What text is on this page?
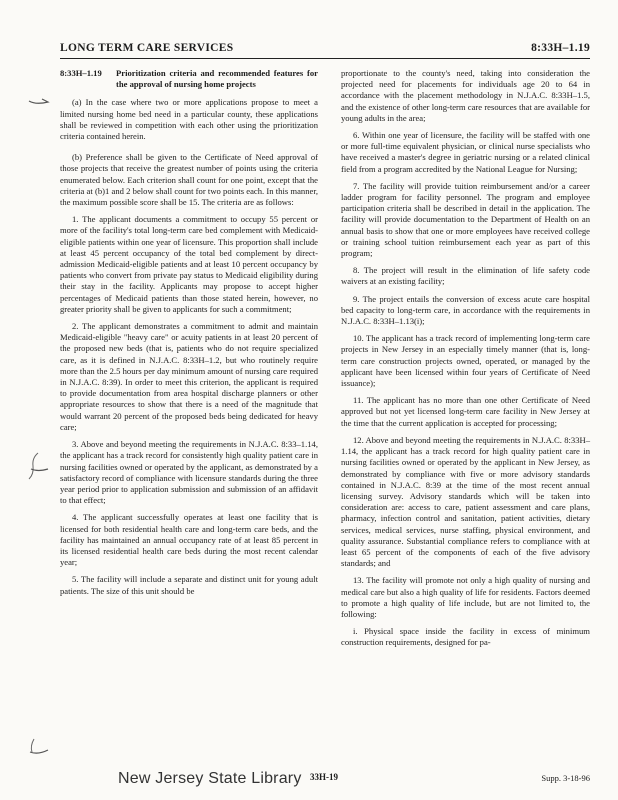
LONG TERM CARE SERVICES	8:33H–1.19
8:33H–1.19	Prioritization criteria and recommended features for the approval of nursing home projects

(a) In the case where two or more applications propose to meet a limited nursing home bed need in a particular county, these applications shall be reviewed in competition with each other using the prioritization criteria contained herein.

(b) Preference shall be given to the Certificate of Need approval of those projects that receive the greatest number of points using the criteria enumerated below. Each criterion shall count for one point, except that the criteria at (b)1 and 2 below shall count for two points each. In this manner, the maximum possible score shall be 15. The criteria are as follows:

1. The applicant documents a commitment to occupy 55 percent or more of the facility's total long-term care bed complement with Medicaid-eligible patients within one year of licensure. This proportion shall include at least 45 percent occupancy of the total bed complement by direct-admission Medicaid-eligible patients and at least 10 percent occupancy by patients who convert from private pay status to Medicaid eligibility during their stay in the facility. Applicants may propose to accept higher percentages of Medicaid patients than those stated herein, however, no greater priority shall be given to applicants for such a commitment;

2. The applicant demonstrates a commitment to admit and maintain Medicaid-eligible "heavy care" or acuity patients in at least 20 percent of the proposed new beds (that is, patients who do not require specialized care, as it is defined in N.J.A.C. 8:33H–1.2, but who routinely require more than the 2.5 hours per day minimum amount of nursing care required in N.J.A.C. 8:39). In order to meet this criterion, the applicant is required to provide documentation from area hospital discharge planners or other appropriate resources to show that there is a need of the magnitude that would warrant 20 percent of the proposed beds being dedicated for heavy care;

3. Above and beyond meeting the requirements in N.J.A.C. 8:33–1.14, the applicant has a track record for consistently high quality patient care in nursing facilities owned or operated by the applicant, as demonstrated by a satisfactory record of compliance with licensure standards during the three year period prior to application submission and submission of an affidavit to that effect;

4. The applicant successfully operates at least one facility that is licensed for both residential health care and long-term care beds, and the facility has maintained an annual occupancy rate of at least 85 percent in its licensed residential health care beds during the most recent calendar year;

5. The facility will include a separate and distinct unit for young adult patients. The size of this unit should be

proportionate to the county's need, taking into consideration the projected need for placements for individuals age 20 to 64 in accordance with the placement methodology in N.J.A.C. 8:33H–1.5, and the existence of other long-term care resources that are available for young adults in the area;

6. Within one year of licensure, the facility will be staffed with one or more full-time equivalent physician, or clinical nurse specialists who have received a master's degree in geriatric nursing or a related clinical field from a program accredited by the National League for Nursing;

7. The facility will provide tuition reimbursement and/or a career ladder program for facility personnel. The program and employee participation criteria shall be described in detail in the application. The facility will provide documentation to the Department of Health on an annual basis to show that one or more employees have received college or training school tuition reimbursement each year as part of this program;

8. The project will result in the elimination of life safety code waivers at an existing facility;

9. The project entails the conversion of excess acute care hospital bed capacity to long-term care, in accordance with the requirements in N.J.A.C. 8:33H–1.13(i);

10. The applicant has a track record of implementing long-term care projects in New Jersey in an especially timely manner (that is, long-term care construction projects owned, operated, or managed by the applicant have been licensed within four years of Certificate of Need issuance);

11. The applicant has no more than one other Certificate of Need approved but not yet licensed long-term care facility in New Jersey at the time that the current application is accepted for processing;

12. Above and beyond meeting the requirements in N.J.A.C. 8:33H–1.14, the applicant has a track record for high quality patient care in nursing facilities owned or operated by the applicant in New Jersey, as demonstrated by compliance with five or more advisory standards contained in N.J.A.C. 8:39 at the time of the most recent annual licensing survey. Advisory standards which will be taken into consideration are: access to care, patient assessment and care plans, pharmacy, infection control and sanitation, patient activities, dietary services, medical services, nurse staffing, physical environment, and quality assurance. Substantial compliance refers to compliance with at least 65 percent of the components of each of the five advisory standards; and

13. The facility will promote not only a high quality of nursing and medical care but also a high quality of life for residents. Factors deemed to promote a high quality of life include, but are not limited to, the following:

i. Physical space inside the facility in excess of minimum construction requirements, designed for pa-

New Jersey State Library 33H-19	Supp. 3-18-96
